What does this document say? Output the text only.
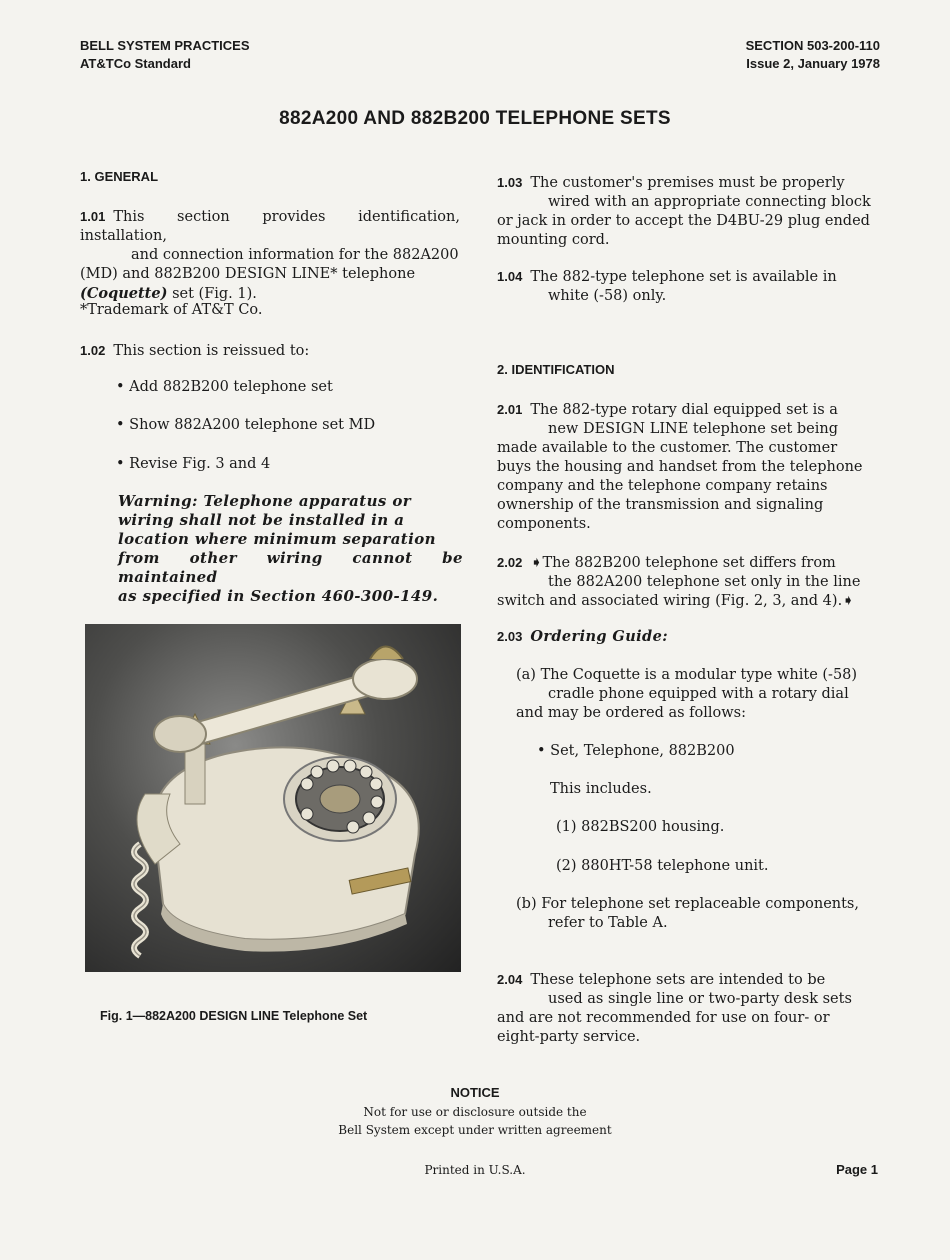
BELL SYSTEM PRACTICES
AT&TCo Standard
SECTION 503-200-110
Issue 2, January 1978
882A200 AND 882B200 TELEPHONE SETS
1. GENERAL
1.01 This section provides identification, installation,
and connection information for the 882A200
(MD) and 882B200 DESIGN LINE* telephone
(Coquette) set (Fig. 1).
*Trademark of AT&T Co.
1.02 This section is reissued to:
• Add 882B200 telephone set
• Show 882A200 telephone set MD
• Revise Fig. 3 and 4
Warning: Telephone apparatus or
wiring shall not be installed in a
location where minimum separation
from other wiring cannot be maintained
as specified in Section 460-300-149.
Fig. 1—882A200 DESIGN LINE Telephone Set
1.03 The customer's premises must be properly
wired with an appropriate connecting block
or jack in order to accept the D4BU-29 plug ended
mounting cord.
1.04 The 882-type telephone set is available in
white (-58) only.
2. IDENTIFICATION
2.01 The 882-type rotary dial equipped set is a
new DESIGN LINE telephone set being
made available to the customer. The customer
buys the housing and handset from the telephone
company and the telephone company retains
ownership of the transmission and signaling
components.
2.02 ➧The 882B200 telephone set differs from
the 882A200 telephone set only in the line
switch and associated wiring (Fig. 2, 3, and 4).➧
2.03 Ordering Guide:
(a) The Coquette is a modular type white (-58)
cradle phone equipped with a rotary dial
and may be ordered as follows:
• Set, Telephone, 882B200
This includes.
(1) 882BS200 housing.
(2) 880HT-58 telephone unit.
(b) For telephone set replaceable components,
refer to Table A.
2.04 These telephone sets are intended to be
used as single line or two-party desk sets
and are not recommended for use on four- or
eight-party service.
NOTICE
Not for use or disclosure outside the
Bell System except under written agreement
Printed in U.S.A.	Page 1
